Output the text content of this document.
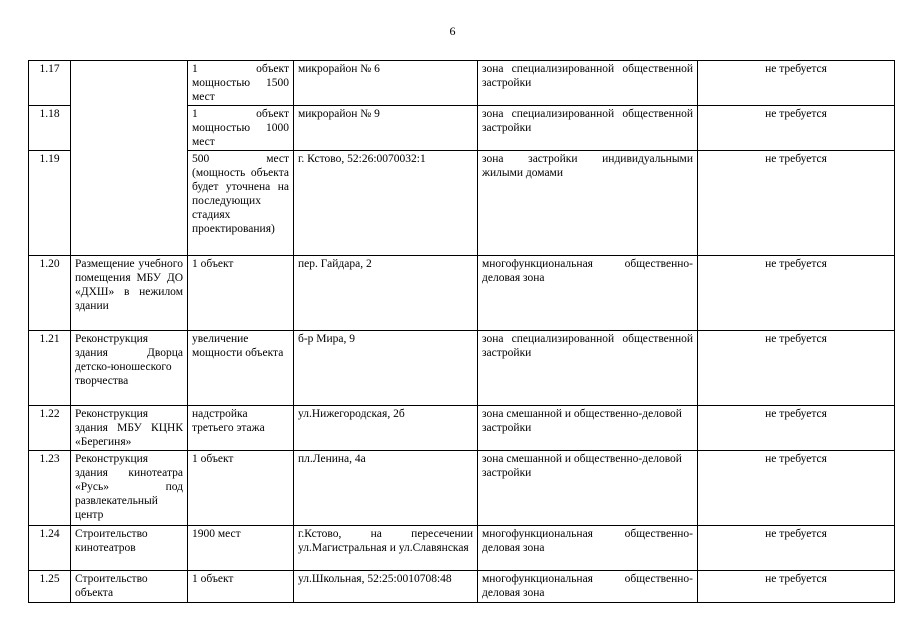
6
1.17		1 объект мощностью 1500 мест	микрорайон № 6	зона специализированной общественной застройки	не требуется
1.18		1 объект мощностью 1000 мест	микрорайон № 9	зона специализированной общественной застройки	не требуется
1.19		500 мест (мощность объекта будет уточнена на последующих стадиях проектирования)	г. Кстово, 52:26:0070032:1	зона застройки индивидуальными жилыми домами	не требуется
1.20	Размещение учебного помещения МБУ ДО «ДХШ» в нежилом здании	1 объект	пер. Гайдара, 2	многофункциональная общественно-деловая зона	не требуется
1.21	Реконструкция здания Дворца детско-юношеского творчества	увеличение мощности объекта	б-р Мира, 9	зона специализированной общественной застройки	не требуется
1.22	Реконструкция здания МБУ КЦНК «Берегиня»	надстройка третьего этажа	ул.Нижегородская, 2б	зона смешанной и общественно-деловой застройки	не требуется
1.23	Реконструкция здания кинотеатра «Русь» под развлекательный центр	1 объект	пл.Ленина, 4а	зона смешанной и общественно-деловой застройки	не требуется
1.24	Строительство кинотеатров	1900 мест	г.Кстово, на пересечении ул.Магистральная и ул.Славянская	многофункциональная общественно-деловая зона	не требуется
1.25	Строительство объекта	1 объект	ул.Школьная, 52:25:0010708:48	многофункциональная общественно-деловая зона	не требуется
